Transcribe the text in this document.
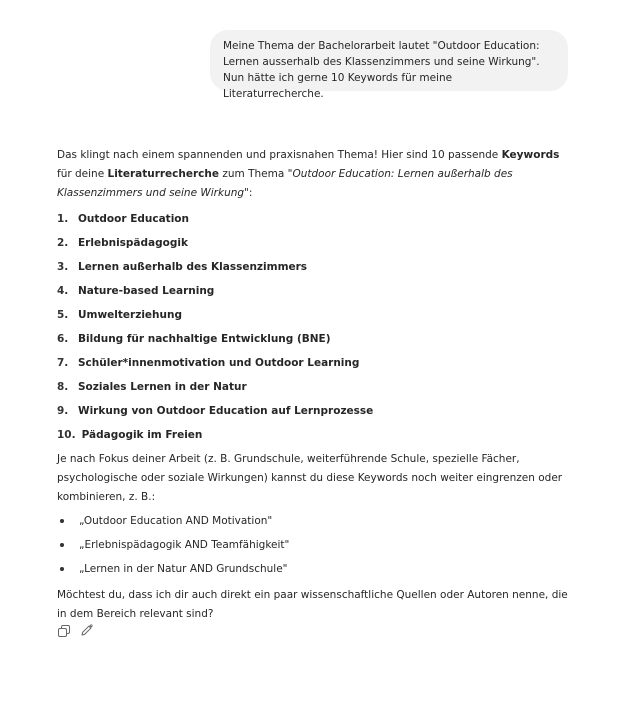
Meine Thema der Bachelorarbeit lautet "Outdoor Education: Lernen ausserhalb des Klassenzimmers und seine Wirkung". Nun hätte ich gerne 10 Keywords für meine Literaturrecherche.

Das klingt nach einem spannenden und praxisnahen Thema! Hier sind 10 passende Keywords für deine Literaturrecherche zum Thema "Outdoor Education: Lernen außerhalb des Klassenzimmers und seine Wirkung":

1. Outdoor Education
2. Erlebnispädagogik
3. Lernen außerhalb des Klassenzimmers
4. Nature-based Learning
5. Umwelterziehung
6. Bildung für nachhaltige Entwicklung (BNE)
7. Schüler*innenmotivation und Outdoor Learning
8. Soziales Lernen in der Natur
9. Wirkung von Outdoor Education auf Lernprozesse
10. Pädagogik im Freien

Je nach Fokus deiner Arbeit (z. B. Grundschule, weiterführende Schule, spezielle Fächer, psychologische oder soziale Wirkungen) kannst du diese Keywords noch weiter eingrenzen oder kombinieren, z. B.:

„Outdoor Education AND Motivation"
„Erlebnispädagogik AND Teamfähigkeit"
„Lernen in der Natur AND Grundschule"

Möchtest du, dass ich dir auch direkt ein paar wissenschaftliche Quellen oder Autoren nenne, die in dem Bereich relevant sind?
